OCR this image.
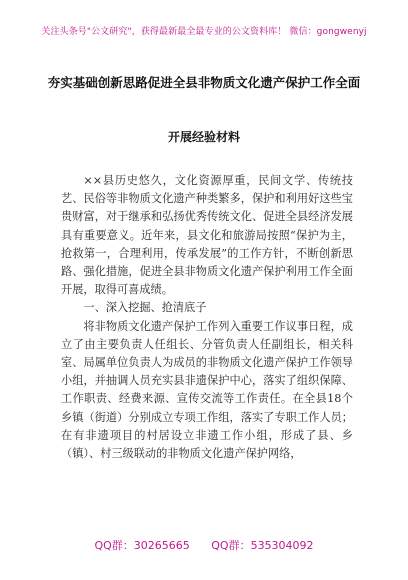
关注头条号"公文研究"，获得最新最全最专业的公文资料库！ 微信：gongwenyj
夯实基础创新思路促进全县非物质文化遗产保护工作全面
开展经验材料

××县历史悠久，文化资源厚重，民间文学、传统技艺、民俗等非物质文化遗产种类繁多，保护和利用好这些宝贵财富，对于继承和弘扬优秀传统文化、促进全县经济发展具有重要意义。近年来，县文化和旅游局按照“保护为主，抢救第一，合理利用，传承发展”的工作方针，不断创新思路、强化措施，促进全县非物质文化遗产保护利用工作全面开展，取得可喜成绩。

一、深入挖掘、抢清底子

将非物质文化遗产保护工作列入重要工作议事日程，成立了由主要负责人任组长、分管负责人任副组长，相关科室、局属单位负责人为成员的非物质文化遗产保护工作领导小组，并抽调人员充实县非遗保护中心，落实了组织保障、工作职责、经费来源、宣传交流等工作责任。在全县18个乡镇（街道）分别成立专项工作组，落实了专职工作人员；在有非遗项目的村居设立非遗工作小组，形成了县、乡（镇）、村三级联动的非物质文化遗产保护网络，

QQ群：30265665 QQ群：535304092
